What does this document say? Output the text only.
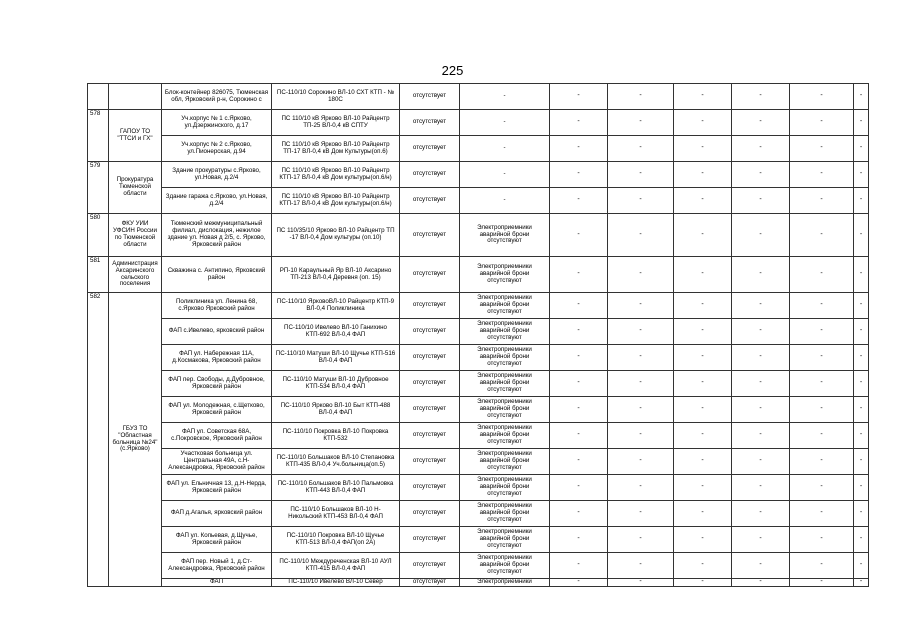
225
		Блок-контейнер 826075, Тюменская обл, Ярковский р-н, Сорокино с	ПС-110/10 Сорокино ВЛ-10 СХТ КТП - № 180С	отсутствует	-	-	-	-	-	-	-
578	ГАПОУ ТО "ТТСИ и ГХ"	Уч.корпус № 1 с.Ярково, ул.Дзержинского, д.17	ПС 110/10 кВ Ярково ВЛ-10 Райцентр ТП-25 ВЛ-0,4 кВ СПТУ	отсутствует	-	-	-	-	-	-	-
		Уч.корпус № 2 с.Ярково, ул.Пионерская, д.94	ПС 110/10 кВ Ярково ВЛ-10 Райцентр ТП-17 ВЛ-0,4 кВ Дом Культуры(оп.6)	отсутствует	-	-	-	-	-	-	-
579	Прокуратура Тюменской области	Здание прокуратуры с.Ярково, ул.Новая, д.2/4	ПС 110/10 кВ Ярково ВЛ-10 Райцентр КТП-17 ВЛ-0,4 кВ Дом культуры(оп.6/н)	отсутствует	-	-	-	-	-	-	-
		Здание гаража с.Ярково, ул.Новая, д.2/4	ПС 110/10 кВ Ярково ВЛ-10 Райцентр КТП-17 ВЛ-0,4 кВ Дом культуры(оп.6/н)	отсутствует	-	-	-	-	-	-	-
580	ФКУ УИИ УФСИН России по Тюменской области	Тюменский межмуниципальный филиал, дислокация, нежилое здание ул. Новая д 2/5, с. Ярково, Ярковский район	ПС 110/35/10 Ярково ВЛ-10 Райцентр ТП -17 ВЛ-0,4 Дом культуры (оп.10)	отсутствует	Электроприемники аварийной брони отсутствуют	-	-	-	-	-	-
581	Администрация Аксаринского сельского поселения	Скважина с. Антипино, Ярковский район	РП-10 Караульный Яр ВЛ-10 Аксарино ТП-213 ВЛ-0,4 Деревня (оп. 15)	отсутствует	Электроприемники аварийной брони отсутствуют	-	-	-	-	-	-
582	ГБУЗ ТО "Областная больница №24" (с.Ярково)	Поликлиника ул. Ленина 68, с.Ярково Ярковский район	ПС-110/10 ЯрковоВЛ-10 Райцентр КТП-9 ВЛ-0,4 Поликлиника	отсутствует	Электроприемники аварийной брони отсутствуют	-	-	-	-	-	-
		ФАП с.Ивелево, ярковский район	ПС-110/10 Ивелево ВЛ-10 Ганихино КТП-692 ВЛ-0,4 ФАП	отсутствует	Электроприемники аварийной брони отсутствуют	-	-	-	-	-	-
		ФАП ул. Набережная 11А, д.Космакова, Ярковский район	ПС-110/10 Матуши ВЛ-10 Щучье КТП-516 ВЛ-0,4 ФАП	отсутствует	Электроприемники аварийной брони отсутствуют	-	-	-	-	-	-
		ФАП пер. Свободы, д.Дубровное, Ярковский район	ПС-110/10 Матуши ВЛ-10 Дубровное КТП-534 ВЛ-0,4 ФАП	отсутствует	Электроприемники аварийной брони отсутствуют	-	-	-	-	-	-
		ФАП ул. Молодежная, с.Щетково, Ярковский район	ПС-110/10 Ярково ВЛ-10 Быт КТП-488 ВЛ-0,4 ФАП	отсутствует	Электроприемники аварийной брони отсутствуют	-	-	-	-	-	-
		ФАП ул. Советская 68А, с.Покровское, Ярковский район	ПС-110/10 Покровка ВЛ-10 Покровка КТП-532	отсутствует	Электроприемники аварийной брони отсутствуют	-	-	-	-	-	-
		Участковая больница ул. Центральная 49А, с.Н-Александровка, Ярковский район	ПС-110/10 Большаков ВЛ-10 Степановка КТП-435 ВЛ-0,4 Уч.больница(оп.5)	отсутствует	Электроприемники аварийной брони отсутствуют	-	-	-	-	-	-
		ФАП ул. Ельничная 13, д.Н-Нерда, Ярковский район	ПС-110/10 Большаков ВЛ-10 Пальмовка КТП-443 ВЛ-0,4 ФАП	отсутствует	Электроприемники аварийной брони отсутствуют	-	-	-	-	-	-
		ФАП д.Агалья, ярковский район	ПС-110/10 Большаков ВЛ-10 Н-Никольский КТП-453 ВЛ-0,4 ФАП	отсутствует	Электроприемники аварийной брони отсутствуют	-	-	-	-	-	-
		ФАП ул. Копьевая, д.Щучье, Ярковский район	ПС-110/10 Покровка ВЛ-10 Щучье КТП-513 ВЛ-0,4 ФАП(оп 2А)	отсутствует	Электроприемники аварийной брони отсутствуют	-	-	-	-	-	-
		ФАП пер. Новый 1, д.Ст-Александровка, Ярковский район	ПС-110/10 Междуреченская ВЛ-10 АУЛ КТП-415 ВЛ-0,4 ФАП	отсутствует	Электроприемники аварийной брони отсутствуют	-	-	-	-	-	-
		ФАП	ПС-110/10 Ивелево ВЛ-10 Север	отсутствует	Электроприемники	-	-	-	-	-	-
